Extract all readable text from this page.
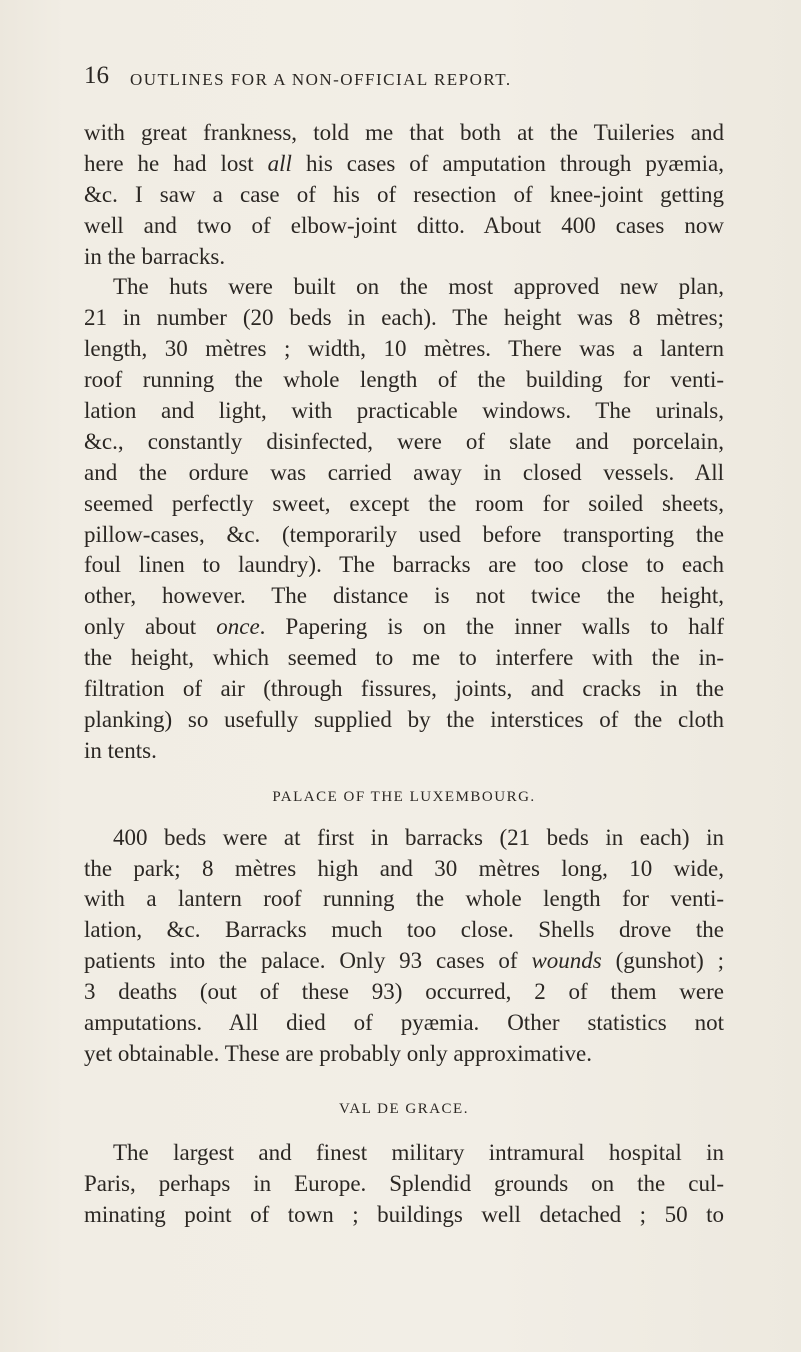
16 OUTLINES FOR A NON-OFFICIAL REPORT.
with great frankness, told me that both at the Tuileries and
here he had lost all his cases of amputation through pyæmia,
&c. I saw a case of his of resection of knee-joint getting
well and two of elbow-joint ditto. About 400 cases now
in the barracks.
The huts were built on the most approved new plan,
21 in number (20 beds in each). The height was 8 mètres;
length, 30 mètres ; width, 10 mètres. There was a lantern
roof running the whole length of the building for venti-
lation and light, with practicable windows. The urinals,
&c., constantly disinfected, were of slate and porcelain,
and the ordure was carried away in closed vessels. All
seemed perfectly sweet, except the room for soiled sheets,
pillow-cases, &c. (temporarily used before transporting the
foul linen to laundry). The barracks are too close to each
other, however. The distance is not twice the height,
only about once. Papering is on the inner walls to half
the height, which seemed to me to interfere with the in-
filtration of air (through fissures, joints, and cracks in the
planking) so usefully supplied by the interstices of the cloth
in tents.
PALACE OF THE LUXEMBOURG.
400 beds were at first in barracks (21 beds in each) in
the park; 8 mètres high and 30 mètres long, 10 wide,
with a lantern roof running the whole length for venti-
lation, &c. Barracks much too close. Shells drove the
patients into the palace. Only 93 cases of wounds (gunshot) ;
3 deaths (out of these 93) occurred, 2 of them were
amputations. All died of pyæmia. Other statistics not
yet obtainable. These are probably only approximative.
VAL DE GRACE.
The largest and finest military intramural hospital in
Paris, perhaps in Europe. Splendid grounds on the cul-
minating point of town ; buildings well detached ; 50 to
